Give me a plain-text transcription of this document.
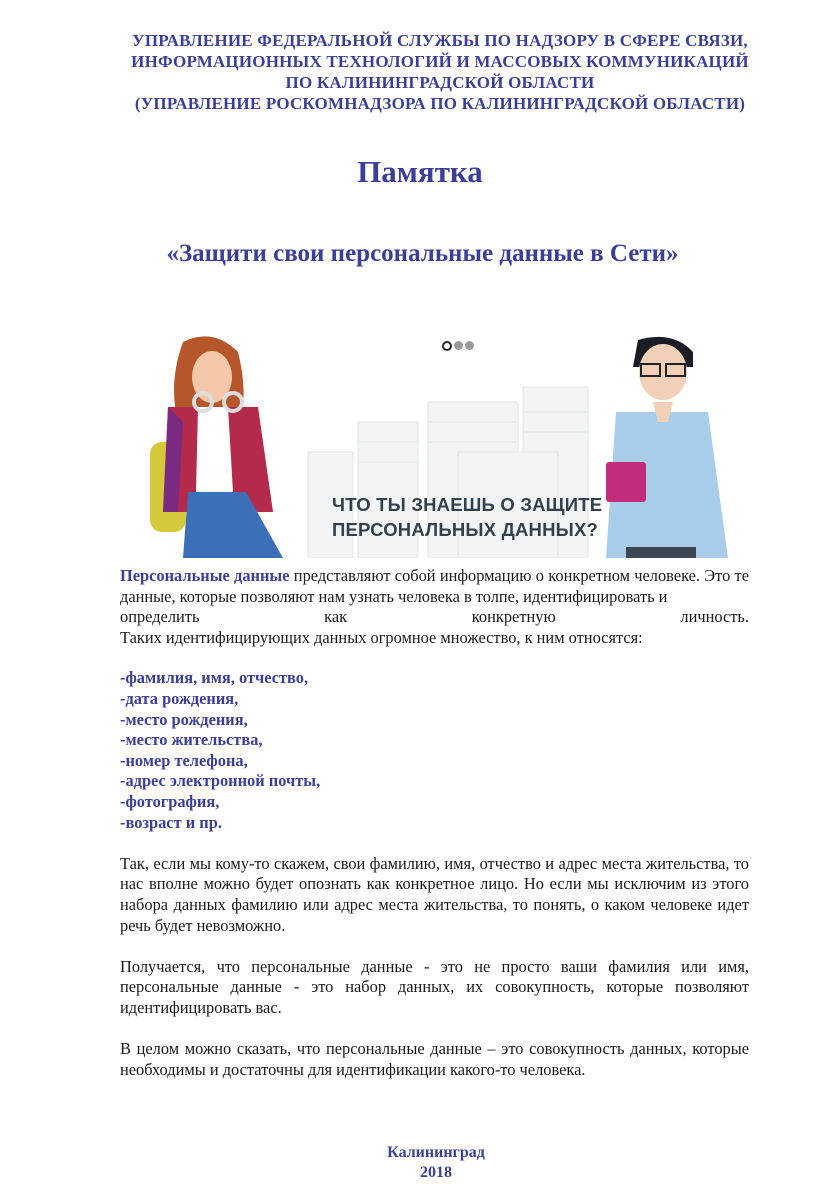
УПРАВЛЕНИЕ ФЕДЕРАЛЬНОЙ СЛУЖБЫ ПО НАДЗОРУ В СФЕРЕ СВЯЗИ,
ИНФОРМАЦИОННЫХ ТЕХНОЛОГИЙ И МАССОВЫХ КОММУНИКАЦИЙ
ПО КАЛИНИНГРАДСКОЙ ОБЛАСТИ
(УПРАВЛЕНИЕ РОСКОМНАДЗОРА ПО КАЛИНИНГРАДСКОЙ ОБЛАСТИ)
Памятка
«Защити свои персональные данные в Сети»
ЧТО ТЫ ЗНАЕШЬ О ЗАЩИТЕ
ПЕРСОНАЛЬНЫХ ДАННЫХ?

Персональные данные представляют собой информацию о конкретном человеке. Это те данные, которые позволяют нам узнать человека в толпе, идентифицировать и

определить как конкретную личность.

Таких идентифицирующих данных огромное множество, к ним относятся:

-фамилия, имя, отчество,
-дата рождения,
-место рождения,
-место жительства,
-номер телефона,
-адрес электронной почты,
-фотография,
-возраст и пр.

Так, если мы кому-то скажем, свои фамилию, имя, отчество и адрес места жительства, то нас вполне можно будет опознать как конкретное лицо. Но если мы исключим из этого набора данных фамилию или адрес места жительства, то понять, о каком человеке идет речь будет невозможно.

Получается, что персональные данные - это не просто ваши фамилия или имя, персональные данные - это набор данных, их совокупность, которые позволяют идентифицировать вас.

В целом можно сказать, что персональные данные – это совокупность данных, которые необходимы и достаточны для идентификации какого-то человека.

Калининград
2018
